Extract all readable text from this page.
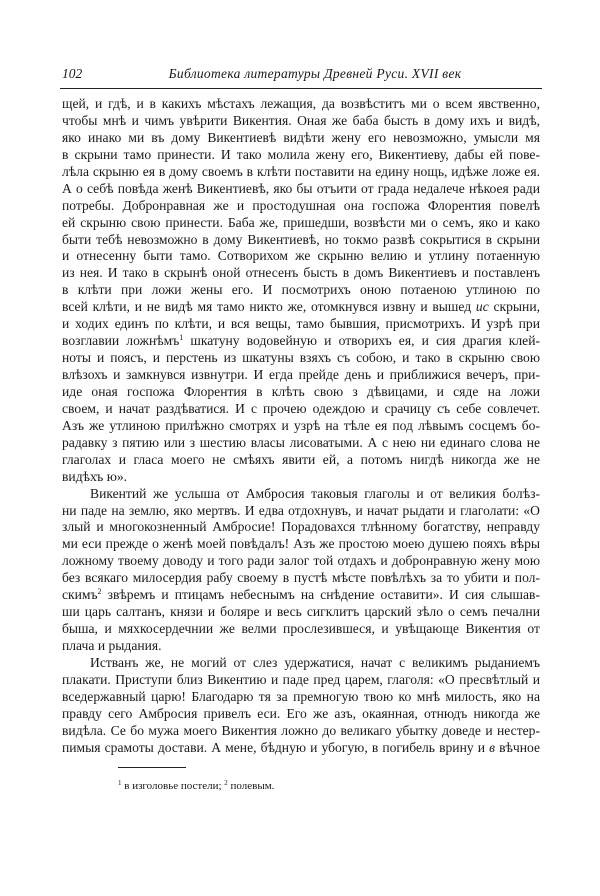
102	Библиотека литературы Древней Руси. XVII век
щей, и гдѣ, и в какихъ мѣстахъ лежащия, да возвѣститъ ми о всем явственно,
чтобы мнѣ и чимъ увѣрити Викентия. Оная же баба бысть в дому ихъ и видѣ,
яко инако ми въ дому Викентиевѣ видѣти жену его невозможно, умысли мя
в скрыни тамо принести. И тако молила жену его, Викентиеву, дабы ей пове-
лѣла скрыню ея в дому своемъ в клѣти поставити на едину нощь, идѣже ложе ея.
А о себѣ повѣда женѣ Викентиевѣ, яко бы отъити от града недалече нѣкоея ради
потребы. Добронравная же и простодушная она госпожа Флорентия повелѣ
ей скрыню свою принести. Баба же, пришедши, возвѣсти ми о семъ, яко и како
быти тебѣ невозможно в дому Викентиевѣ, но токмо развѣ сокрытися в скрыни
и отнесенну быти тамо. Сотворихом же скрыню велию и утлину потаенную
из нея. И тако в скрынѣ оной отнесенъ бысть в домъ Викентиевъ и поставленъ
в клѣти при ложи жены его. И посмотрихъ оною потаеною утлиною по
всей клѣти, и не видѣ мя тамо никто же, отомкнувся извну и вышед ис скрыни,
и ходих единъ по клѣти, и вся вещы, тамо бывшия, присмотрихъ. И узрѣ при
возглавии ложнѣмъ$^1$ шкатуну водовейную и отворихъ ея, и сия драгия клей-
ноты и поясъ, и перстень из шкатуны взяхъ съ собою, и тако в скрыню свою
влѣзохъ и замкнувся извнутри. И егда прейде день и приближися вечеръ, при-
иде оная госпожа Флорентия в клѣть свою з дѣвицами, и сяде на ложи
своем, и начат раздѣватися. И с прочею одеждою и срачицу съ себе совлечет.
Азъ же утлиною прилѣжно смотрях и узрѣ на тѣле ея под лѣвымъ сосцемъ бо-
радавку з пятию или з шестию власы лисоватыми. А с нею ни единаго слова не
глаголах и гласа моего не смѣяхъ явити ей, а потомъ нигдѣ никогда же не
видѣхъ ю».
Викентий же услыша от Амбросия таковыя глаголы и от великия болѣз-
ни паде на землю, яко мертвъ. И едва отдохнувъ, и начат рыдати и глаголати: «О
злый и многокозненный Амбросие! Порадовахся тлѣнному богатству, неправду
ми еси прежде о женѣ моей повѣдалъ! Азъ же простою моею душею пояхъ вѣры
ложному твоему доводу и того ради залог той отдахъ и добронравную жену мою
без всякаго милосердия рабу своему в пустѣ мѣсте повѣлѣхъ за то убити и пол-
скимъ$^2$ звѣремъ и птицамъ небеснымъ на снѣдение оставити». И сия слышав-
ши царь салтанъ, князи и боляре и весь сигклитъ царский зѣло о семъ печални
быша, и мяхкосердечнии же велми прослезившеся, и увѣщающе Викентия от
плача и рыдания.
Истванъ же, не могий от слез удержатися, начат с великимъ рыданиемъ
плакати. Приступи близ Викентию и паде пред царем, глаголя: «О пресвѣтлый и
вседержавный царю! Благодарю тя за премногую твою ко мнѣ милость, яко на
правду сего Амбросия привелъ еси. Его же азъ, окаянная, отнюдъ никогда же
видѣла. Се бо мужа моего Викентия ложно до великаго убытку доведе и нестер-
пимыя срамоты достави. А мене, бѣдную и убогую, в погибель врину и в вѣчное
$^1$ в изголовье постели; $^2$ полевым.
